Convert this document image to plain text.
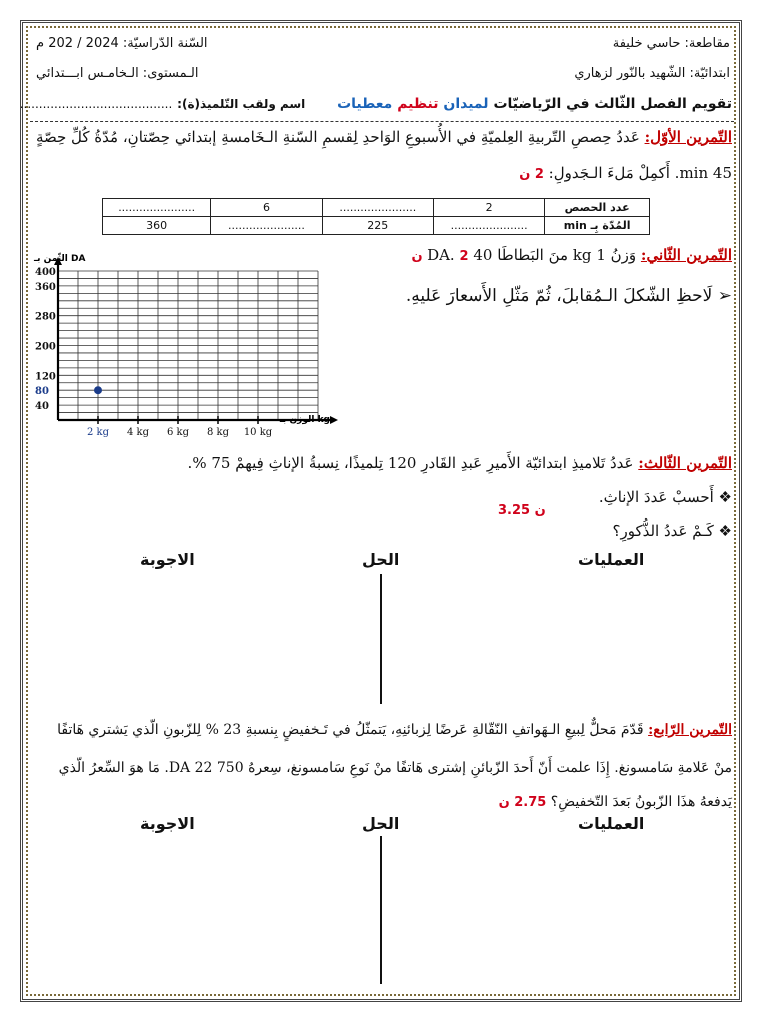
السّنة الدّراسيّة: 2024 / 202 م	مقاطعة: حاسي خليفة
الـمستوى: الـخامـس ابـــتدائي	ابتدائيّة: الشّهيد بالنّور لزهاري
تقويم الفصل الثّالث في الرّياضيّات لميدان تنظيم معطيات  اسم ولقب التّلميذ(ة): ........................................
التّمرين الأوّل: عَددُ حِصصِ التّربيةِ العِلميّةِ في الأُسبوعِ الوَاحدِ لِقسمِ السّنةِ الـخَامسةِ إبتدائي حِصّتانِ، مُدّةُ كُلِّ حِصّةٍ
45 min. أَكمِلْ مَلءَ الـجَدولِ: 2 ن
عدد الحصص	2	......................	6	......................
المُدّة بِـ min	......................	225	......................	360
التّمرين الثّاني: وَزنُ 1 kg منَ البَطاطَا 40 DA. 2 ن
➢ لَاحظِ الشّكلَ الـمُقابلَ، ثُمّ مَثّلِ الأَسعارَ عَليهِ.
400
360
280
200
120
80
40
2 kg 4 kg 6 kg 8 kg 10 kg
الثّمن بـ DA
الوزن بـ kg
التّمرين الثّالث: عَددُ تَلاميذِ ابتدائيّة الأَميرِ عَبدِ القَادرِ 120 تِلميذًا، نِسبةُ الإناثِ فِيهمْ 75 %.
❖ أَحسبْ عَددَ الإناثِ.
3.25 ن
❖ كَـمْ عَددُ الذُّكورِ؟
العمليات
الحل
الاجوبة
التّمرين الرّابع: قَدّمَ مَحلٌّ لِبيعِ الـهَواتفِ النّقّالةِ عَرضًا لِزبائنِهِ، يَتمثّلُ في تَـخفيضٍ بِنسبةِ 23 % لِلزّبونِ الّذي يَشتري هَاتفًا
منْ عَلامةِ سَامسونغ. إِذَا علمت أَنّ أَحدَ الزّبائنِ إشترى هَاتفًا منْ نَوعِ سَامسونغ، سِعرهُ 750 DA 22. مَا هوَ السِّعرُ الّذي
يَدفعهُ هذَا الزّبونُ بَعدَ التّخفيضِ؟ 2.75 ن
العمليات
الحل
الاجوبة
